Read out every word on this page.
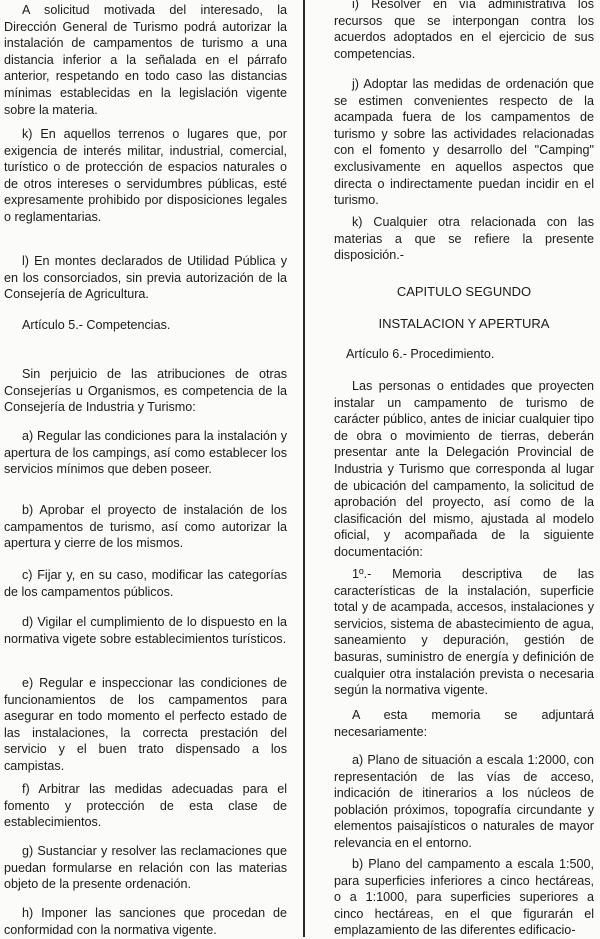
A solicitud motivada del interesado, la Dirección General de Turismo podrá autorizar la instalación de campamentos de turismo a una distancia inferior a la señalada en el párrafo anterior, respetando en todo caso las distancias mínimas establecidas en la legislación vigente sobre la materia.

k) En aquellos terrenos o lugares que, por exigencia de interés militar, industrial, comercial, turístico o de protección de espacios naturales o de otros intereses o servidumbres públicas, esté expresamente prohibido por disposiciones legales o reglamentarias.

l) En montes declarados de Utilidad Pública y en los consorciados, sin previa autorización de la Consejería de Agricultura.

Artículo 5.- Competencias.

Sin perjuicio de las atribuciones de otras Consejerías u Organismos, es competencia de la Consejería de Industria y Turismo:

a) Regular las condiciones para la instalación y apertura de los campings, así como establecer los servicios mínimos que deben poseer.

b) Aprobar el proyecto de instalación de los campamentos de turismo, así como autorizar la apertura y cierre de los mismos.

c) Fijar y, en su caso, modificar las categorías de los campamentos públicos.

d) Vigilar el cumplimiento de lo dispuesto en la normativa vigete sobre establecimientos turísticos.

e) Regular e inspeccionar las condiciones de funcionamientos de los campamentos para asegurar en todo momento el perfecto estado de las instalaciones, la correcta prestación del servicio y el buen trato dispensado a los campistas.

f) Arbitrar las medidas adecuadas para el fomento y protección de esta clase de establecimientos.

g) Sustanciar y resolver las reclamaciones que puedan formularse en relación con las materias objeto de la presente ordenación.

h) Imponer las sanciones que procedan de conformidad con la normativa vigente.

i) Resolver en vía administrativa los recursos que se interpongan contra los acuerdos adoptados en el ejercicio de sus competencias.

j) Adoptar las medidas de ordenación que se estimen convenientes respecto de la acampada fuera de los campamentos de turismo y sobre las actividades relacionadas con el fomento y desarrollo del "Camping" exclusivamente en aquellos aspectos que directa o indirectamente puedan incidir en el turismo.

k) Cualquier otra relacionada con las materias a que se refiere la presente disposición.-

CAPITULO SEGUNDO

INSTALACION Y APERTURA

Artículo 6.- Procedimiento.

Las personas o entidades que proyecten instalar un campamento de turismo de carácter público, antes de iniciar cualquier tipo de obra o movimiento de tierras, deberán presentar ante la Delegación Provincial de Industria y Turismo que corresponda al lugar de ubicación del campamento, la solicitud de aprobación del proyecto, así como de la clasificación del mismo, ajustada al modelo oficial, y acompañada de la siguiente documentación:

1º.- Memoria descriptiva de las características de la instalación, superficie total y de acampada, accesos, instalaciones y servicios, sistema de abastecimiento de agua, saneamiento y depuración, gestión de basuras, suministro de energía y definición de cualquier otra instalación prevista o necesaria según la normativa vigente.

A esta memoria se adjuntará necesariamente:

a) Plano de situación a escala 1:2000, con representación de las vías de acceso, indicación de itinerarios a los núcleos de población próximos, topografía circundante y elementos paisajísticos o naturales de mayor relevancia en el entorno.

b) Plano del campamento a escala 1:500, para superficies inferiores a cinco hectáreas, o a 1:1000, para superficies superiores a cinco hectáreas, en el que figurarán el emplazamiento de las diferentes edificacio-
